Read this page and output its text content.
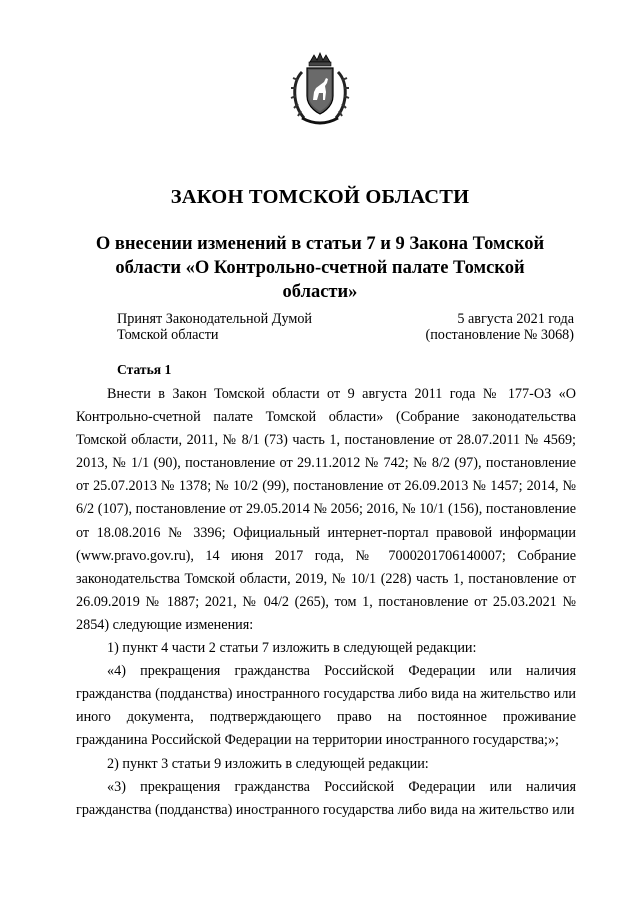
ЗАКОН ТОМСКОЙ ОБЛАСТИ
О внесении изменений в статьи 7 и 9 Закона Томской области «О Контрольно-счетной палате Томской области»
Принят Законодательной Думой
Томской области
5 августа 2021 года
(постановление № 3068)
Статья 1

Внести в Закон Томской области от 9 августа 2011 года № 177-ОЗ «О Контрольно-счетной палате Томской области» (Собрание законодательства Томской области, 2011, № 8/1 (73) часть 1, постановление от 28.07.2011 № 4569; 2013, № 1/1 (90), постановление от 29.11.2012 № 742; № 8/2 (97), постановление от 25.07.2013 № 1378; № 10/2 (99), постановление от 26.09.2013 № 1457; 2014, № 6/2 (107), постановление от 29.05.2014 № 2056; 2016, № 10/1 (156), постановление от 18.08.2016 № 3396; Официальный интернет-портал правовой информации (www.pravo.gov.ru), 14 июня 2017 года, № 7000201706140007; Собрание законодательства Томской области, 2019, № 10/1 (228) часть 1, постановление от 26.09.2019 № 1887; 2021, № 04/2 (265), том 1, постановление от 25.03.2021 № 2854) следующие изменения:

1) пункт 4 части 2 статьи 7 изложить в следующей редакции:

«4) прекращения гражданства Российской Федерации или наличия гражданства (подданства) иностранного государства либо вида на жительство или иного документа, подтверждающего право на постоянное проживание гражданина Российской Федерации на территории иностранного государства;»;

2) пункт 3 статьи 9 изложить в следующей редакции:

«3) прекращения гражданства Российской Федерации или наличия гражданства (подданства) иностранного государства либо вида на жительство или
